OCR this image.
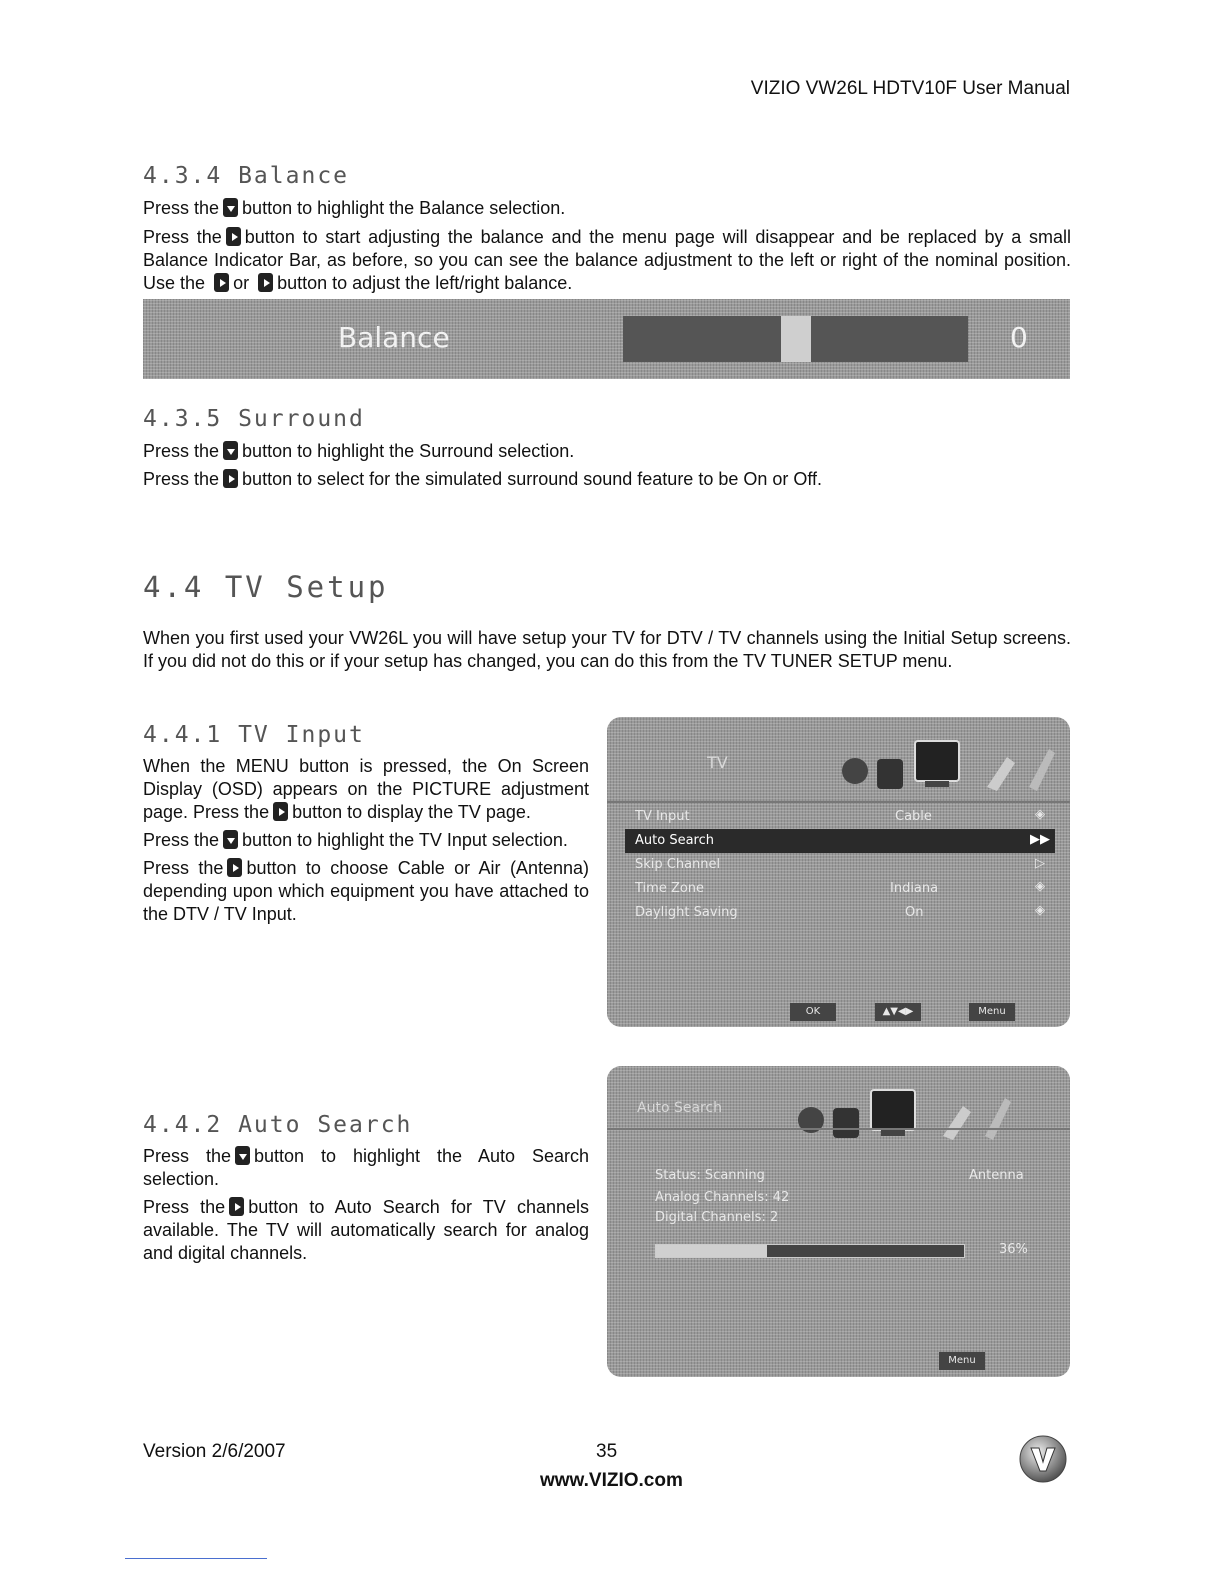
VIZIO VW26L HDTV10F User Manual
4.3.4 Balance

Press the button to highlight the Balance selection.

Press the button to start adjusting the balance and the menu page will disappear and be replaced by a small Balance Indicator Bar, as before, so you can see the balance adjustment to the left or right of the nominal position. Use the or button to adjust the left/right balance.

Balance	0
4.3.5 Surround

Press the button to highlight the Surround selection.

Press the button to select for the simulated surround sound feature to be On or Off.

4.4 TV Setup

When you first used your VW26L you will have setup your TV for DTV / TV channels using the Initial Setup screens. If you did not do this or if your setup has changed, you can do this from the TV TUNER SETUP menu.

4.4.1 TV Input

When the MENU button is pressed, the On Screen Display (OSD) appears on the PICTURE adjustment page. Press the button to display the TV page.

Press the button to highlight the TV Input selection.

Press the button to choose Cable or Air (Antenna) depending upon which equipment you have attached to the DTV / TV Input.

TV
TV Input	Cable	◈
Auto Search	▶▶
Skip Channel	▷
Time Zone	Indiana	◈
Daylight Saving	On	◈
OK	▲▼◀▶	Menu
4.4.2 Auto Search

Press the button to highlight the Auto Search selection.

Press the button to Auto Search for TV channels available. The TV will automatically search for analog and digital channels.

Auto Search
Status: Scanning	Antenna
Analog Channels: 42
Digital Channels: 2
36%
Menu
Version 2/6/2007	35
www.VIZIO.com
